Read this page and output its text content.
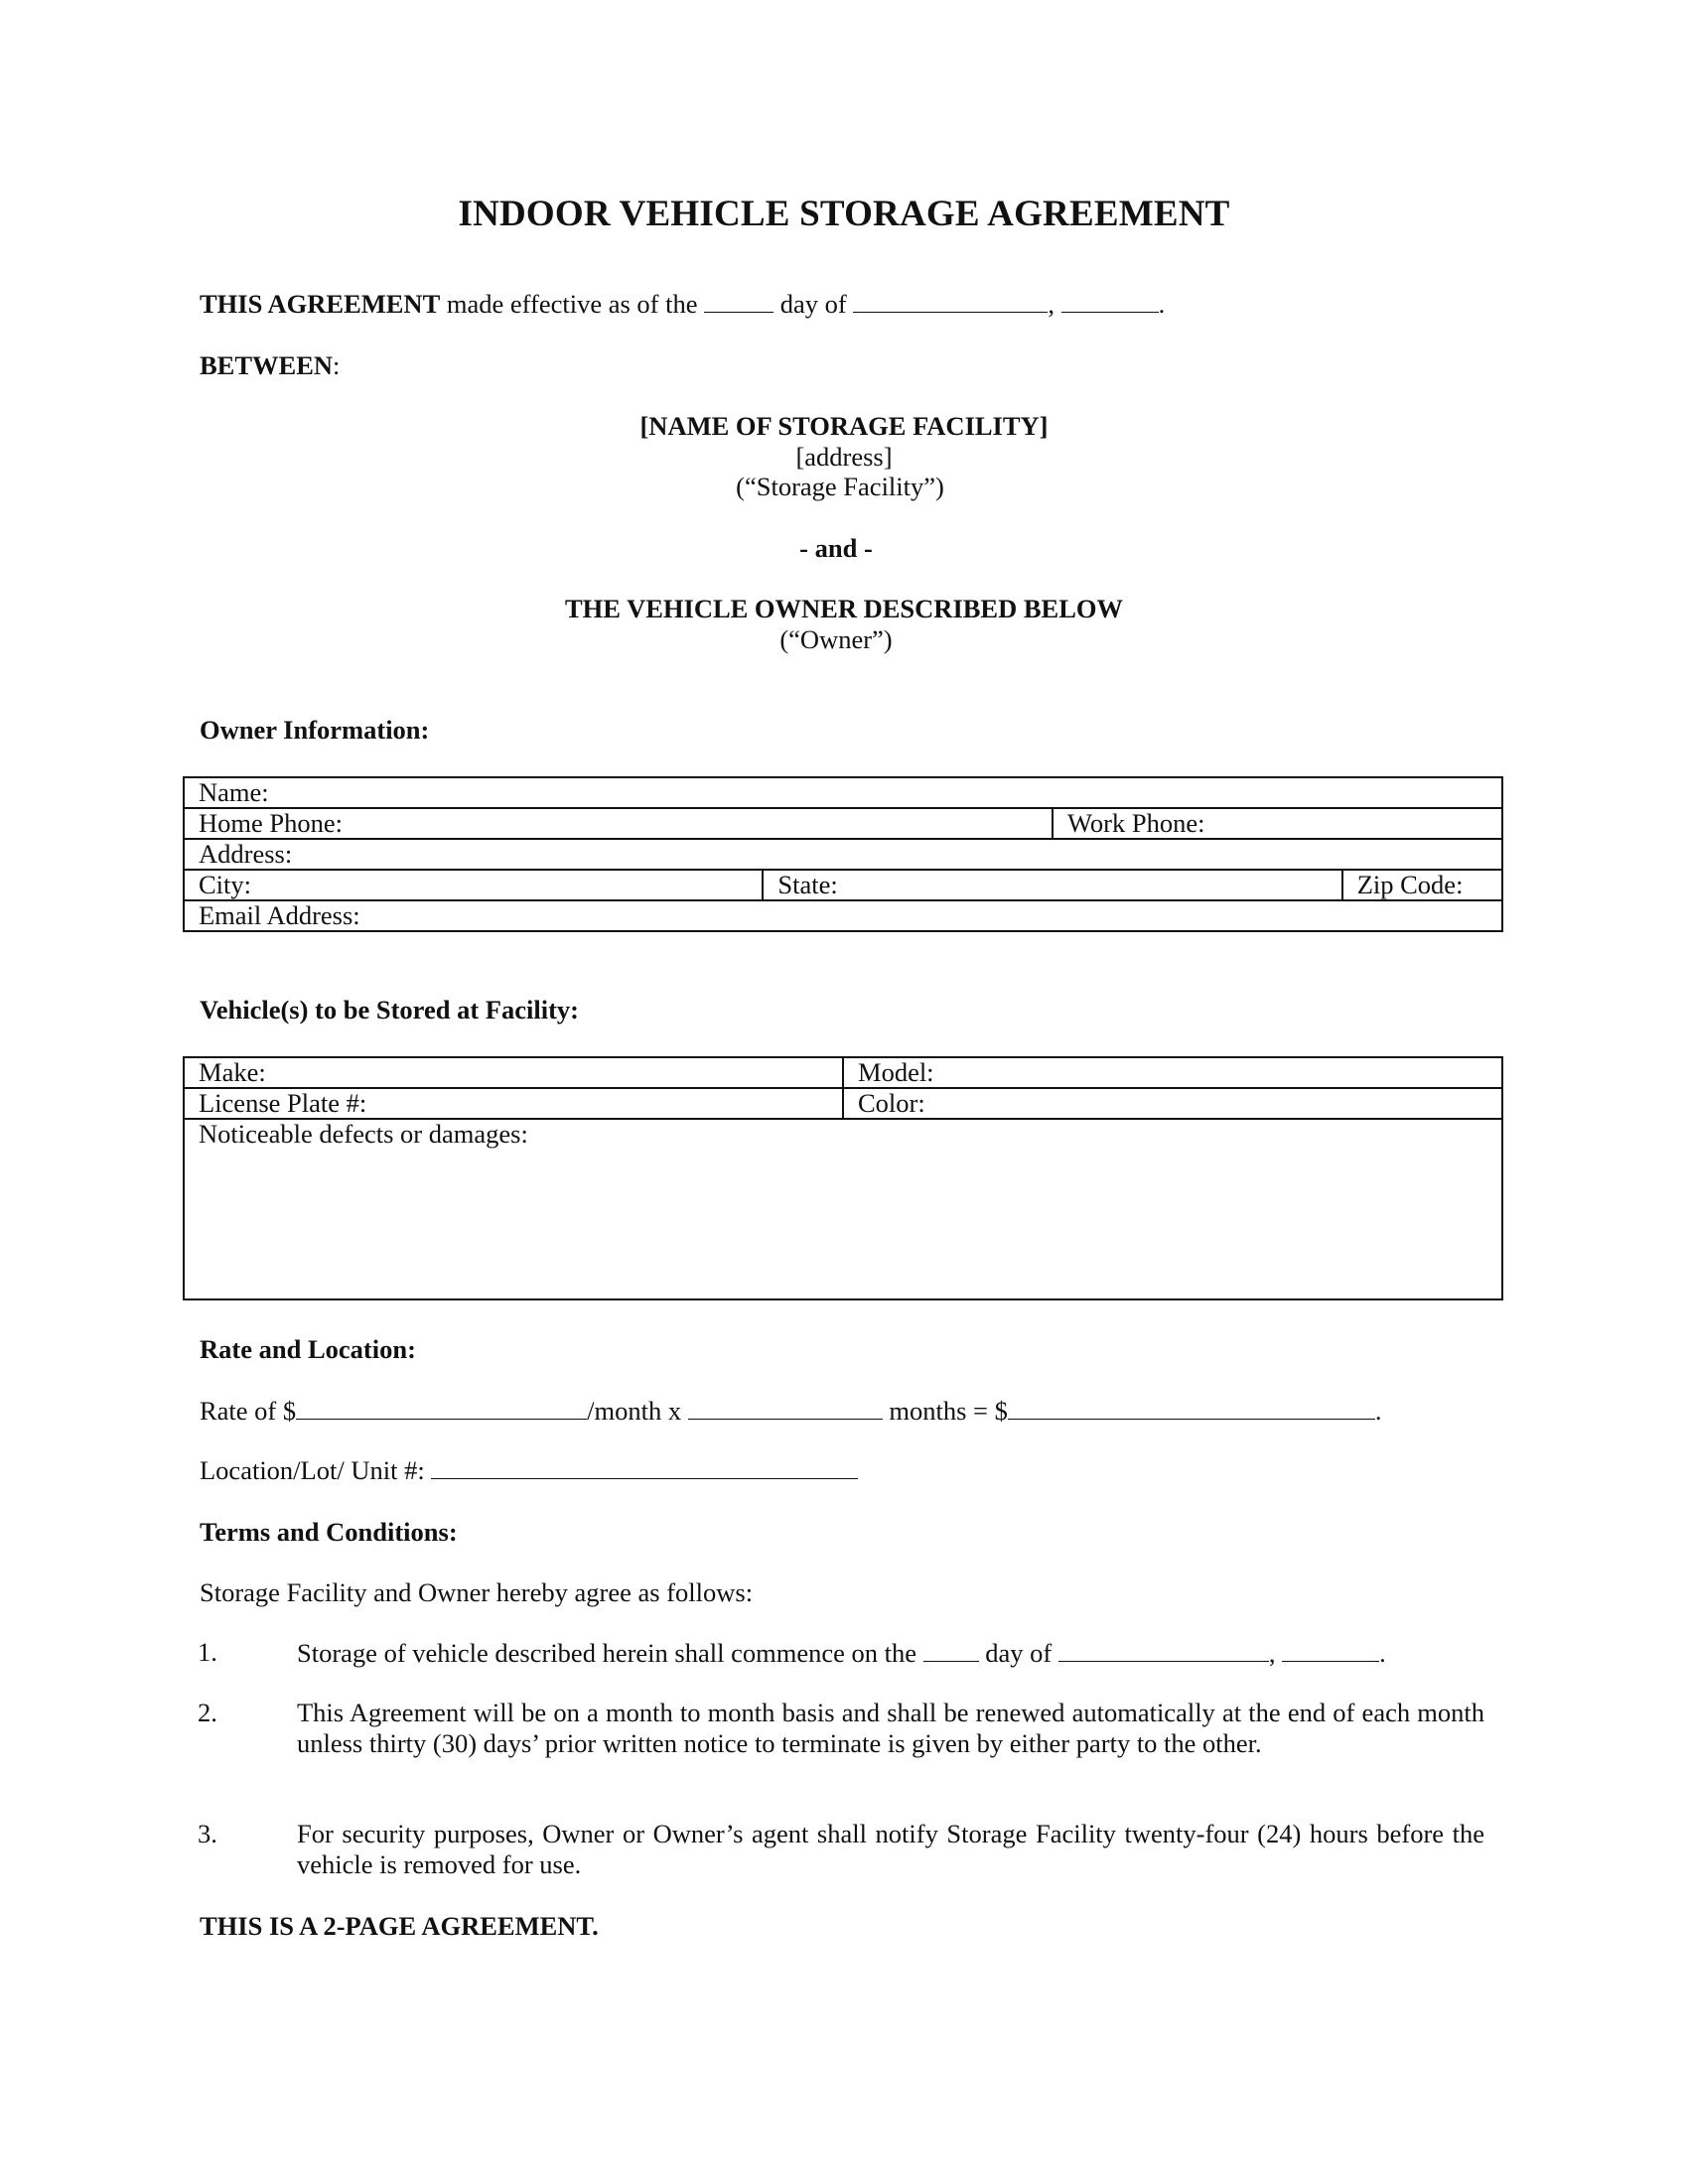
INDOOR VEHICLE STORAGE AGREEMENT
THIS AGREEMENT made effective as of the	day of	,	.
BETWEEN:
[NAME OF STORAGE FACILITY]
[address]
(“Storage Facility”)
- and -
THE VEHICLE OWNER DESCRIBED BELOW
(“Owner”)
Owner Information:
Name:			
Home Phone:		Work Phone:	
Address:			
City:	State:		Zip Code:
Email Address:			
Vehicle(s) to be Stored at Facility:
Make:	Model:
License Plate #:	Color:
Noticeable defects or damages:	
Rate and Location:
Rate of $	/month x	months = $	.
Location/Lot/ Unit #:
Terms and Conditions:
Storage Facility and Owner hereby agree as follows:
1.	Storage of vehicle described herein shall commence on the  day of	,	.
2.	This Agreement will be on a month to month basis and shall be renewed automatically at the end of each month unless thirty (30) days’ prior written notice to terminate is given by either party to the other.
3.	For security purposes, Owner or Owner’s agent shall notify Storage Facility twenty-four (24) hours before the vehicle is removed for use.
THIS IS A 2-PAGE AGREEMENT.
